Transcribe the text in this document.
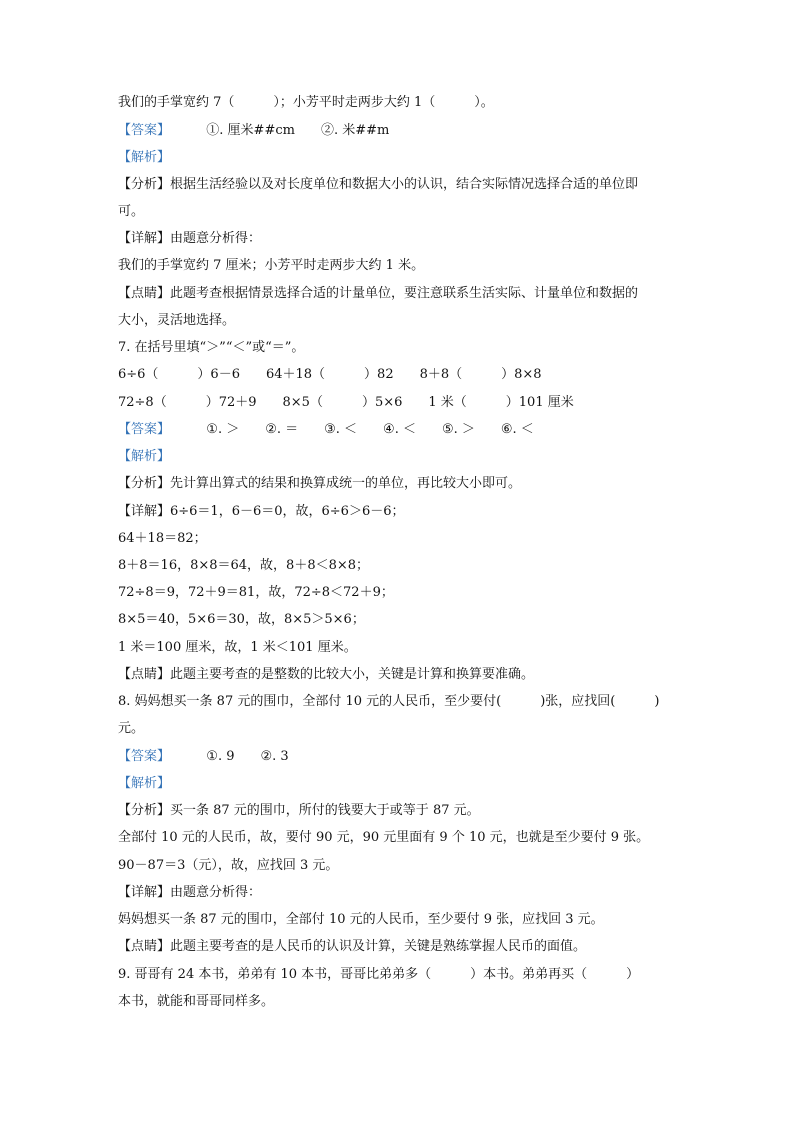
我们的手掌宽约 7（　　　）；小芳平时走两步大约 1（　　　）。
【答案】	①. 厘米##cm　　②. 米##m
【解析】
【分析】根据生活经验以及对长度单位和数据大小的认识，结合实际情况选择合适的单位即
可。
【详解】由题意分析得：
我们的手掌宽约 7 厘米；小芳平时走两步大约 1 米。
【点睛】此题考查根据情景选择合适的计量单位，要注意联系生活实际、计量单位和数据的
大小，灵活地选择。
7. 在括号里填“＞”“＜”或“＝”。
6÷6（　　　）6－6　　64＋18（　　　）82　　8＋8（　　　）8×8
72÷8（　　　）72＋9　　8×5（　　　）5×6　　1 米（　　　）101 厘米
【答案】	①. ＞　　②. ＝　　③. ＜　　④. ＜　　⑤. ＞　　⑥. ＜
【解析】
【分析】先计算出算式的结果和换算成统一的单位，再比较大小即可。
【详解】6÷6＝1，6－6＝0，故，6÷6＞6－6；
64＋18＝82；
8＋8＝16，8×8＝64，故，8＋8＜8×8；
72÷8＝9，72＋9＝81，故，72÷8＜72＋9；
8×5＝40，5×6＝30，故，8×5＞5×6；
1 米＝100 厘米，故，1 米＜101 厘米。
【点睛】此题主要考查的是整数的比较大小，关键是计算和换算要准确。
8. 妈妈想买一条 87 元的围巾，全部付 10 元的人民币，至少要付(　　　)张，应找回(　　　)
元。
【答案】	①. 9　　②. 3
【解析】
【分析】买一条 87 元的围巾，所付的钱要大于或等于 87 元。
全部付 10 元的人民币，故，要付 90 元，90 元里面有 9 个 10 元，也就是至少要付 9 张。
90－87＝3（元），故，应找回 3 元。
【详解】由题意分析得：
妈妈想买一条 87 元的围巾，全部付 10 元的人民币，至少要付 9 张，应找回 3 元。
【点睛】此题主要考查的是人民币的认识及计算，关键是熟练掌握人民币的面值。
9. 哥哥有 24 本书，弟弟有 10 本书，哥哥比弟弟多（　　　）本书。弟弟再买（　　　）
本书，就能和哥哥同样多。
